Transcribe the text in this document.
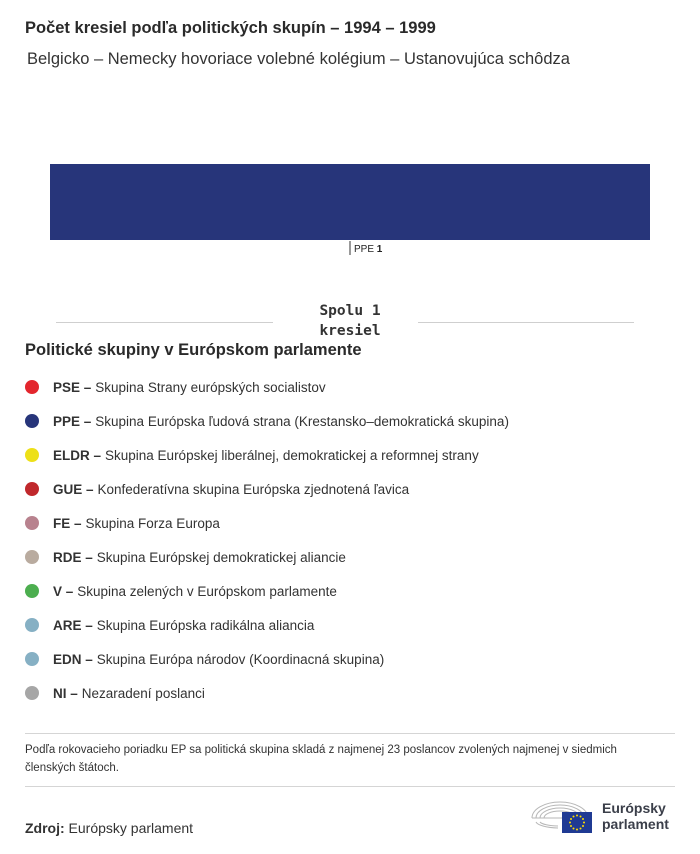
Počet kresiel podľa politických skupín – 1994 – 1999
Belgicko – Nemecky hovoriace volebné kolégium – Ustanovujúca schôdza
PPE 1
Spolu 1 kresiel
Politické skupiny v Európskom parlamente
PSE – Skupina Strany európských socialistov
PPE – Skupina Európska ľudová strana (Krestansko–demokratická skupina)
ELDR – Skupina Európskej liberálnej, demokratickej a reformnej strany
GUE – Konfederatívna skupina Európska zjednotená ľavica
FE – Skupina Forza Europa
RDE – Skupina Európskej demokratickej aliancie
V – Skupina zelených v Európskom parlamente
ARE – Skupina Európska radikálna aliancia
EDN – Skupina Európa národov (Koordinacná skupina)
NI – Nezaradení poslanci
Podľa rokovacieho poriadku EP sa politická skupina skladá z najmenej 23 poslancov zvolených najmenej v siedmich členských štátoch.
Zdroj: Európsky parlament
Európsky
parlament
